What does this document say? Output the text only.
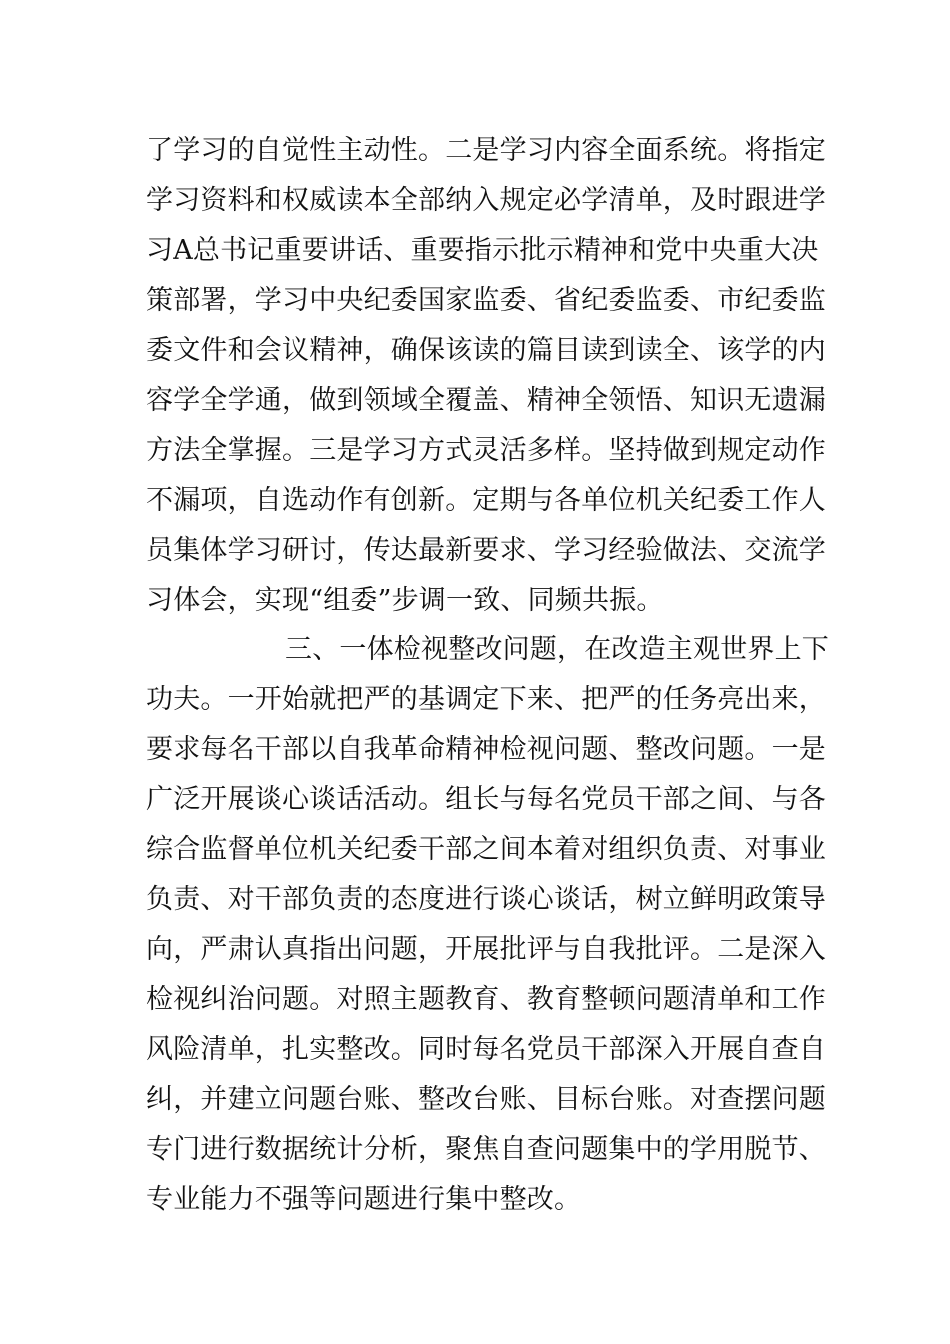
了学习的自觉性主动性。二是学习内容全面系统。将指定
学习资料和权威读本全部纳入规定必学清单，及时跟进学
习A总书记重要讲话、重要指示批示精神和党中央重大决
策部署，学习中央纪委国家监委、省纪委监委、市纪委监
委文件和会议精神，确保该读的篇目读到读全、该学的内
容学全学通，做到领域全覆盖、精神全领悟、知识无遗漏
方法全掌握。三是学习方式灵活多样。坚持做到规定动作
不漏项，自选动作有创新。定期与各单位机关纪委工作人
员集体学习研讨，传达最新要求、学习经验做法、交流学
习体会，实现“组委”步调一致、同频共振。
三、一体检视整改问题，在改造主观世界上下
功夫。一开始就把严的基调定下来、把严的任务亮出来，
要求每名干部以自我革命精神检视问题、整改问题。一是
广泛开展谈心谈话活动。组长与每名党员干部之间、与各
综合监督单位机关纪委干部之间本着对组织负责、对事业
负责、对干部负责的态度进行谈心谈话，树立鲜明政策导
向，严肃认真指出问题，开展批评与自我批评。二是深入
检视纠治问题。对照主题教育、教育整顿问题清单和工作
风险清单，扎实整改。同时每名党员干部深入开展自查自
纠，并建立问题台账、整改台账、目标台账。对查摆问题
专门进行数据统计分析，聚焦自查问题集中的学用脱节、
专业能力不强等问题进行集中整改。
